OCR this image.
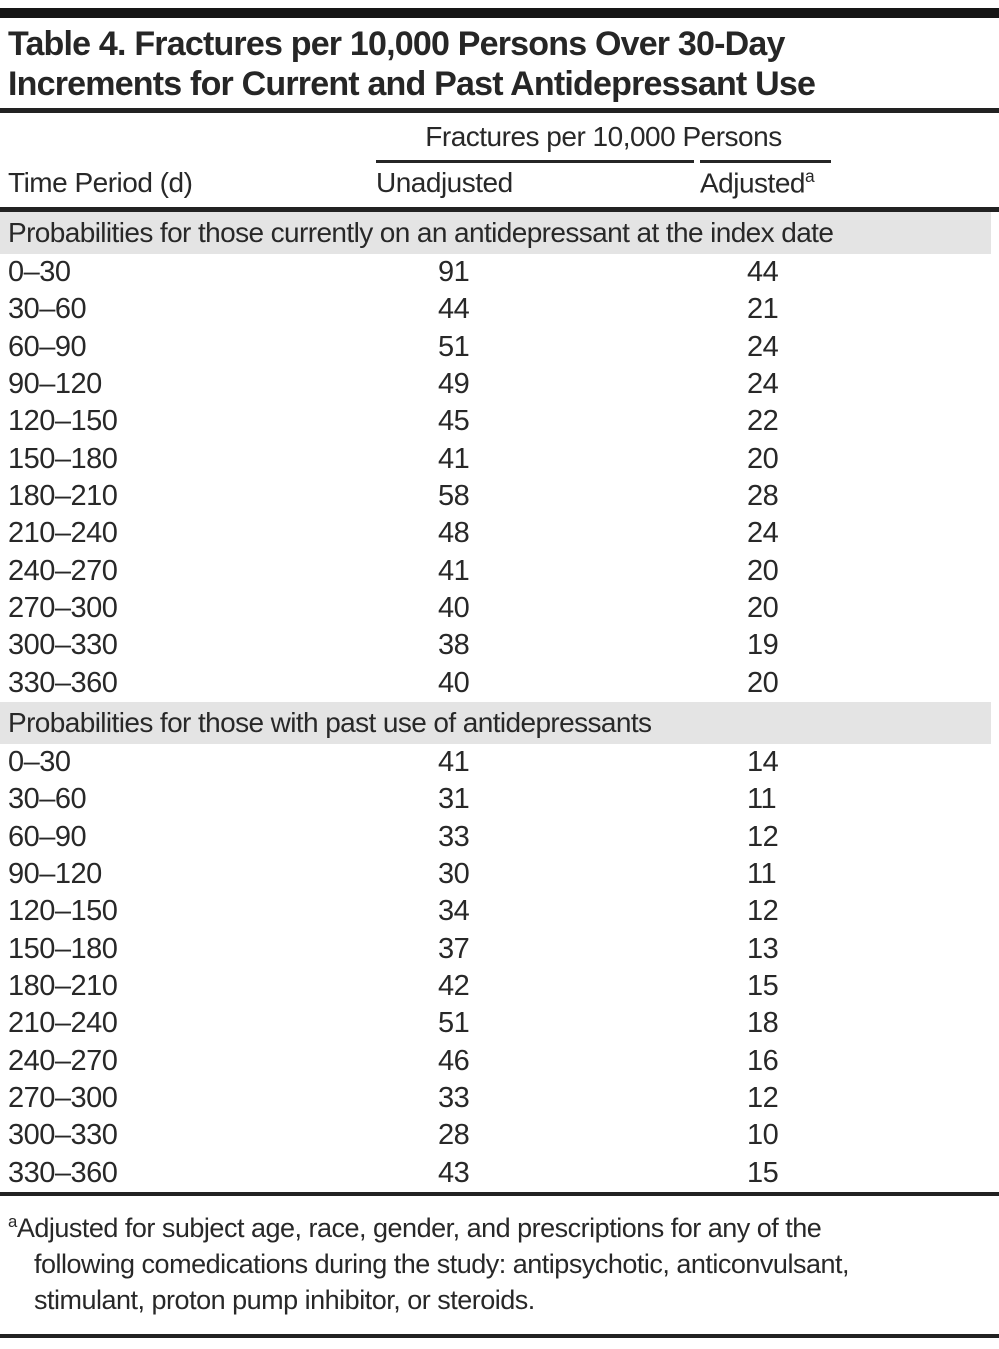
Table 4. Fractures per 10,000 Persons Over 30-Day
Increments for Current and Past Antidepressant Use
Fractures per 10,000 Persons
Time Period (d)	Unadjusted	Adjusted$^a$
Probabilities for those currently on an antidepressant at the index date
0–30	91	44
30–60	44	21
60–90	51	24
90–120	49	24
120–150	45	22
150–180	41	20
180–210	58	28
210–240	48	24
240–270	41	20
270–300	40	20
300–330	38	19
330–360	40	20
Probabilities for those with past use of antidepressants
0–30	41	14
30–60	31	11
60–90	33	12
90–120	30	11
120–150	34	12
150–180	37	13
180–210	42	15
210–240	51	18
240–270	46	16
270–300	33	12
300–330	28	10
330–360	43	15
$^a$Adjusted for subject age, race, gender, and prescriptions for any of the
following comedications during the study: antipsychotic, anticonvulsant,
stimulant, proton pump inhibitor, or steroids.
